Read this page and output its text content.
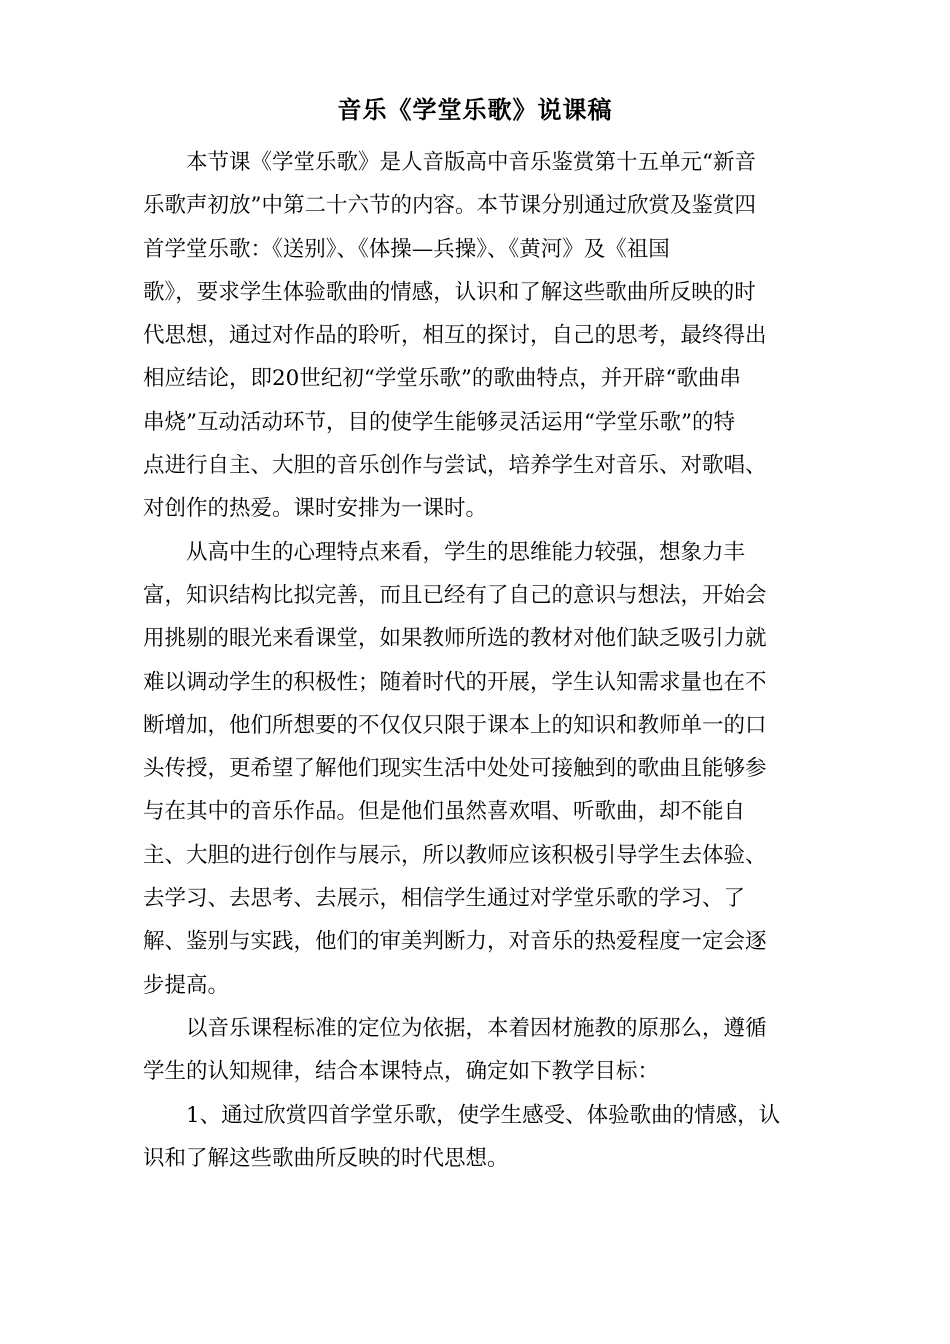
音乐《学堂乐歌》说课稿
本节课《学堂乐歌》是人音版高中音乐鉴赏第十五单元“新音
乐歌声初放”中第二十六节的内容。本节课分别通过欣赏及鉴赏四
首学堂乐歌：《送别》、《体操—兵操》、《黄河》及《祖国
歌》，要求学生体验歌曲的情感，认识和了解这些歌曲所反映的时
代思想，通过对作品的聆听，相互的探讨，自己的思考，最终得出
相应结论，即20世纪初“学堂乐歌”的歌曲特点，并开辟“歌曲串
串烧”互动活动环节，目的使学生能够灵活运用“学堂乐歌”的特
点进行自主、大胆的音乐创作与尝试，培养学生对音乐、对歌唱、
对创作的热爱。课时安排为一课时。
从高中生的心理特点来看，学生的思维能力较强，想象力丰
富，知识结构比拟完善，而且已经有了自己的意识与想法，开始会
用挑剔的眼光来看课堂，如果教师所选的教材对他们缺乏吸引力就
难以调动学生的积极性；随着时代的开展，学生认知需求量也在不
断增加，他们所想要的不仅仅只限于课本上的知识和教师单一的口
头传授，更希望了解他们现实生活中处处可接触到的歌曲且能够参
与在其中的音乐作品。但是他们虽然喜欢唱、听歌曲，却不能自
主、大胆的进行创作与展示，所以教师应该积极引导学生去体验、
去学习、去思考、去展示，相信学生通过对学堂乐歌的学习、了
解、鉴别与实践，他们的审美判断力，对音乐的热爱程度一定会逐
步提高。
以音乐课程标准的定位为依据，本着因材施教的原那么，遵循
学生的认知规律，结合本课特点，确定如下教学目标：
1、通过欣赏四首学堂乐歌，使学生感受、体验歌曲的情感，认
识和了解这些歌曲所反映的时代思想。
